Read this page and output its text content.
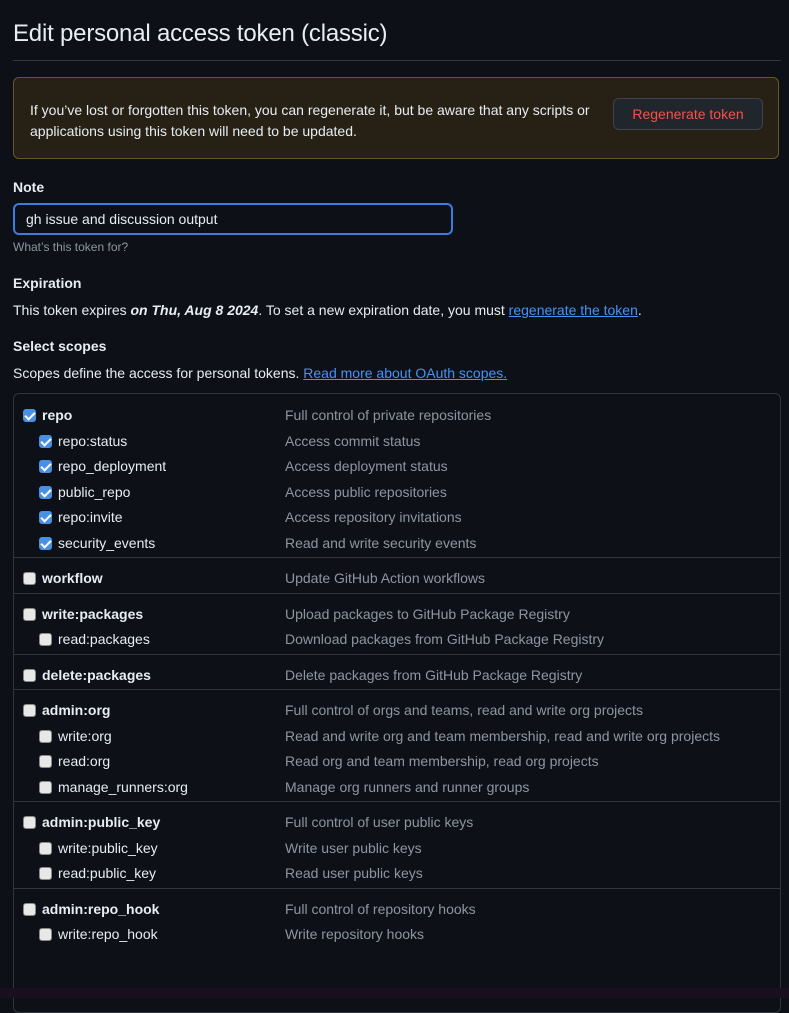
Edit personal access token (classic)
If you’ve lost or forgotten this token, you can regenerate it, but be aware that any scripts or applications using this token will need to be updated.
Regenerate token
Note
gh issue and discussion output
What’s this token for?
Expiration
This token expires on Thu, Aug 8 2024. To set a new expiration date, you must regenerate the token.
Select scopes
Scopes define the access for personal tokens. Read more about OAuth scopes.
repo	Full control of private repositories
repo:status	Access commit status
repo_deployment	Access deployment status
public_repo	Access public repositories
repo:invite	Access repository invitations
security_events	Read and write security events
workflow	Update GitHub Action workflows
write:packages	Upload packages to GitHub Package Registry
read:packages	Download packages from GitHub Package Registry
delete:packages	Delete packages from GitHub Package Registry
admin:org	Full control of orgs and teams, read and write org projects
write:org	Read and write org and team membership, read and write org projects
read:org	Read org and team membership, read org projects
manage_runners:org	Manage org runners and runner groups
admin:public_key	Full control of user public keys
write:public_key	Write user public keys
read:public_key	Read user public keys
admin:repo_hook	Full control of repository hooks
write:repo_hook	Write repository hooks
